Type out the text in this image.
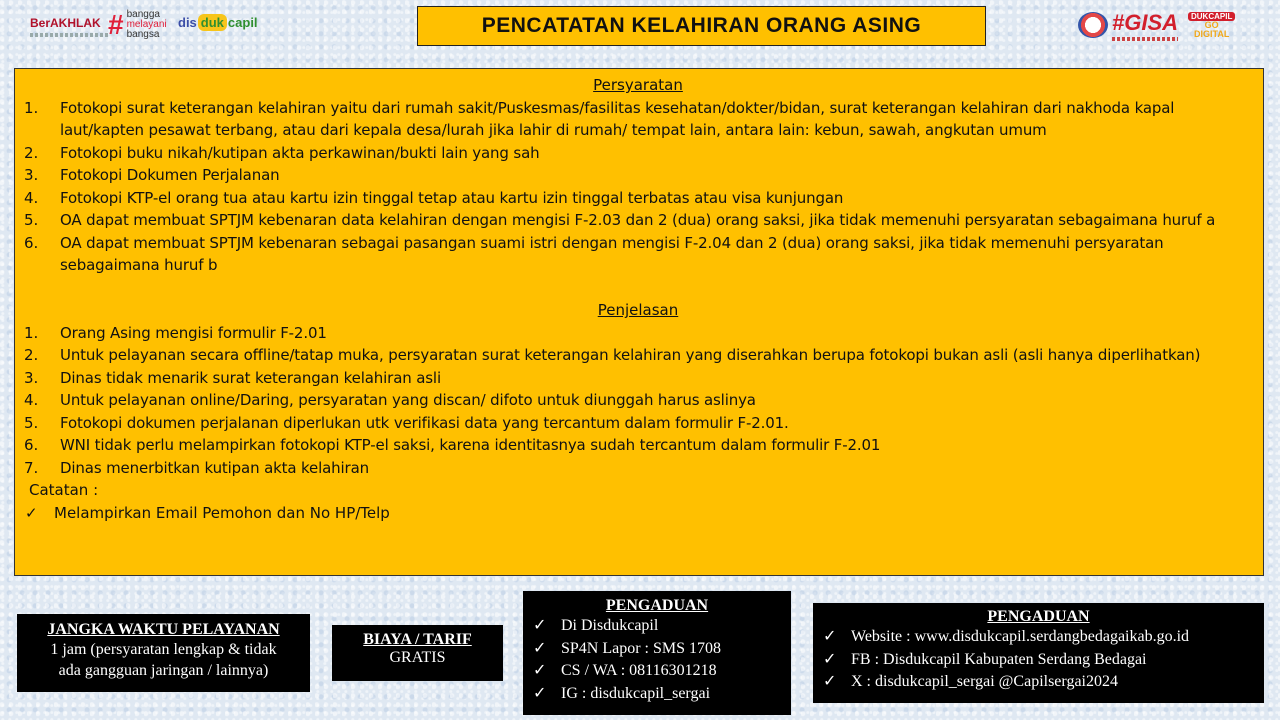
BerAKHLAK # bangga
melayani
bangsa
dis duk capil	PENCATATAN KELAHIRAN ORANG ASING	#GISA	DUKCAPIL
GO
DIGITAL
Persyaratan
1.	Fotokopi surat keterangan kelahiran yaitu dari rumah sakit/Puskesmas/fasilitas kesehatan/dokter/bidan, surat keterangan kelahiran dari nakhoda kapal laut/kapten pesawat terbang, atau dari kepala desa/lurah jika lahir di rumah/ tempat lain, antara lain: kebun, sawah, angkutan umum
2.	Fotokopi buku nikah/kutipan akta perkawinan/bukti lain yang sah
3.	Fotokopi Dokumen Perjalanan
4.	Fotokopi KTP-el orang tua atau kartu izin tinggal tetap atau kartu izin tinggal terbatas atau visa kunjungan
5.	OA dapat membuat SPTJM kebenaran data kelahiran dengan mengisi F-2.03 dan 2 (dua) orang saksi, jika tidak memenuhi persyaratan sebagaimana huruf a
6.	OA dapat membuat SPTJM kebenaran sebagai pasangan suami istri dengan mengisi F-2.04 dan 2 (dua) orang saksi, jika tidak memenuhi persyaratan sebagaimana huruf b
Penjelasan
1.	Orang Asing mengisi formulir F-2.01
2.	Untuk pelayanan secara offline/tatap muka, persyaratan surat keterangan kelahiran yang diserahkan berupa fotokopi bukan asli (asli hanya diperlihatkan)
3.	Dinas tidak menarik surat keterangan kelahiran asli
4.	Untuk pelayanan online/Daring, persyaratan yang discan/ difoto untuk diunggah harus aslinya
5.	Fotokopi dokumen perjalanan diperlukan utk verifikasi data yang tercantum dalam formulir F-2.01.
6.	WNI tidak perlu melampirkan fotokopi KTP-el saksi, karena identitasnya sudah tercantum dalam formulir F-2.01
7.	Dinas menerbitkan kutipan akta kelahiran
Catatan :
✓	Melampirkan Email Pemohon dan No HP/Telp
JANGKA WAKTU PELAYANAN
1 jam (persyaratan lengkap & tidak
ada gangguan jaringan / lainnya)
BIAYA / TARIF
GRATIS
PENGADUAN
✓ Di Disdukcapil
✓ SP4N Lapor : SMS 1708
✓ CS / WA : 08116301218
✓ IG : disdukcapil_sergai
PENGADUAN
✓ Website : www.disdukcapil.serdangbedagaikab.go.id
✓ FB : Disdukcapil Kabupaten Serdang Bedagai
✓ X : disdukcapil_sergai @Capilsergai2024
